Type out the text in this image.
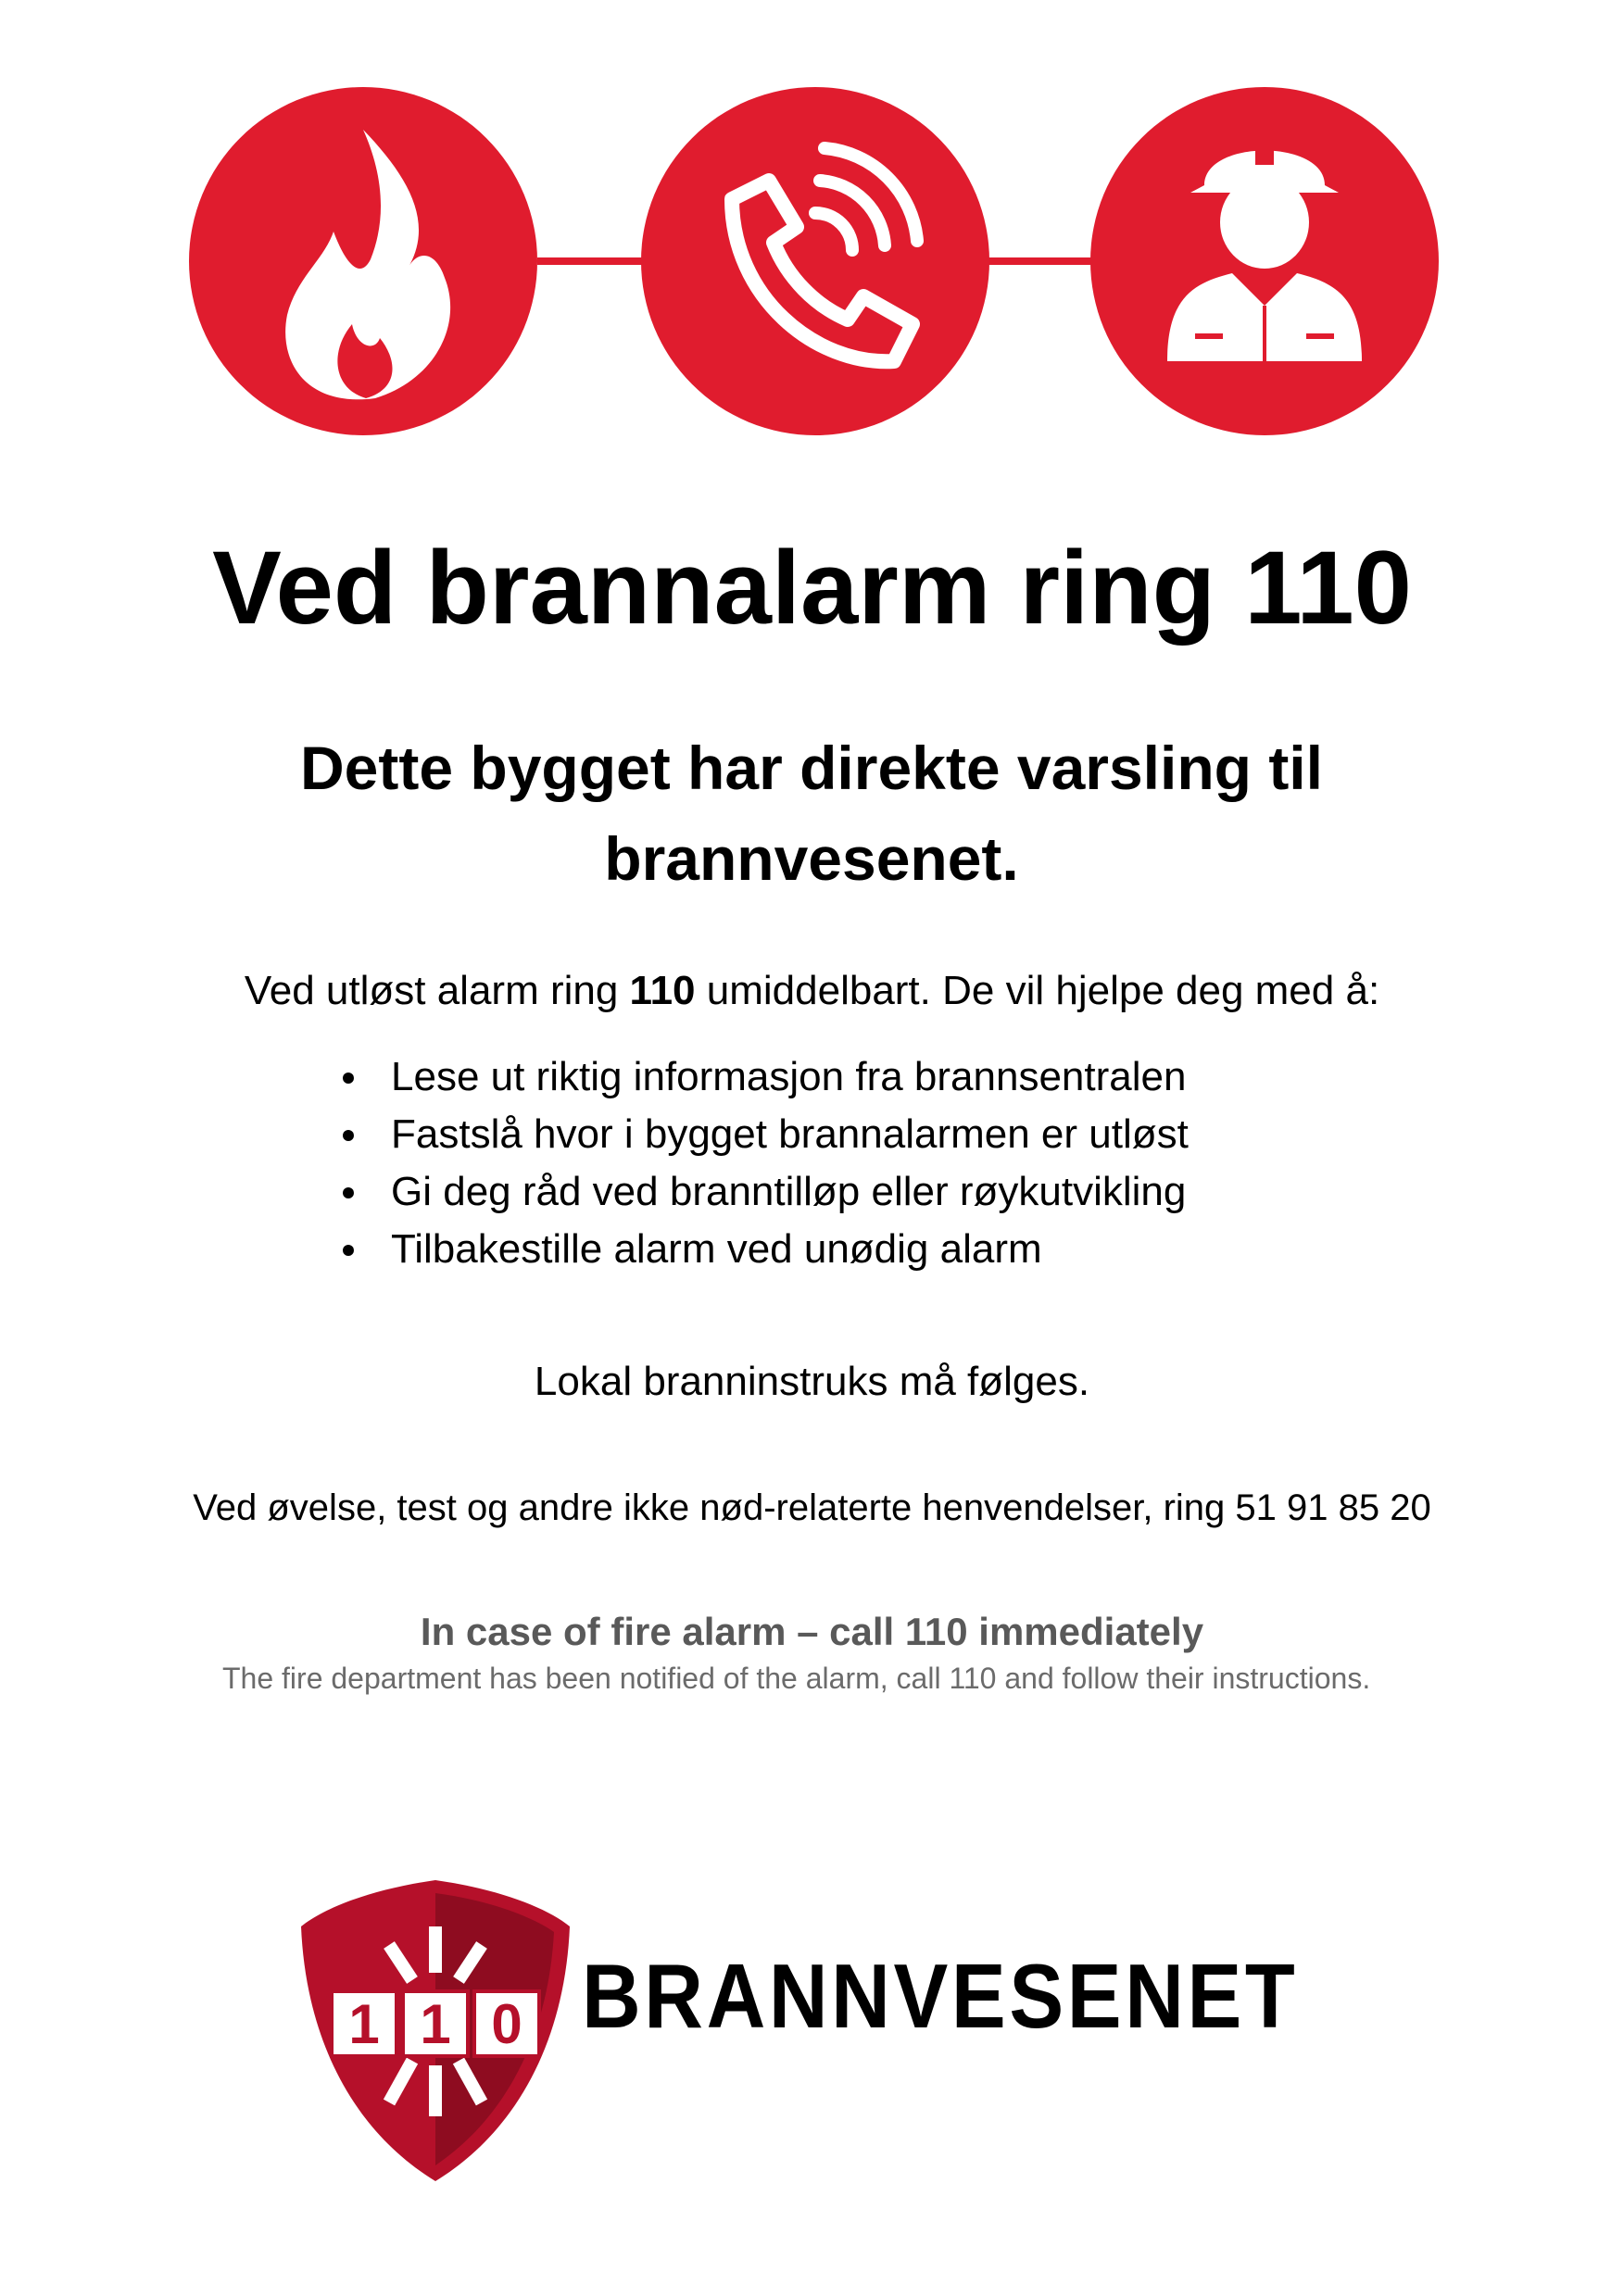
Ved brannalarm ring 110
Dette bygget har direkte varsling til brannvesenet.
Ved utløst alarm ring 110 umiddelbart. De vil hjelpe deg med å:
Lese ut riktig informasjon fra brannsentralen
Fastslå hvor i bygget brannalarmen er utløst
Gi deg råd ved branntilløp eller røykutvikling
Tilbakestille alarm ved unødig alarm
Lokal branninstruks må følges.
Ved øvelse, test og andre ikke nød-relaterte henvendelser, ring 51 91 85 20
In case of fire alarm – call 110 immediately
The fire department has been notified of the alarm, call 110 and follow their instructions.
1 1 0 BRANNVESENET
